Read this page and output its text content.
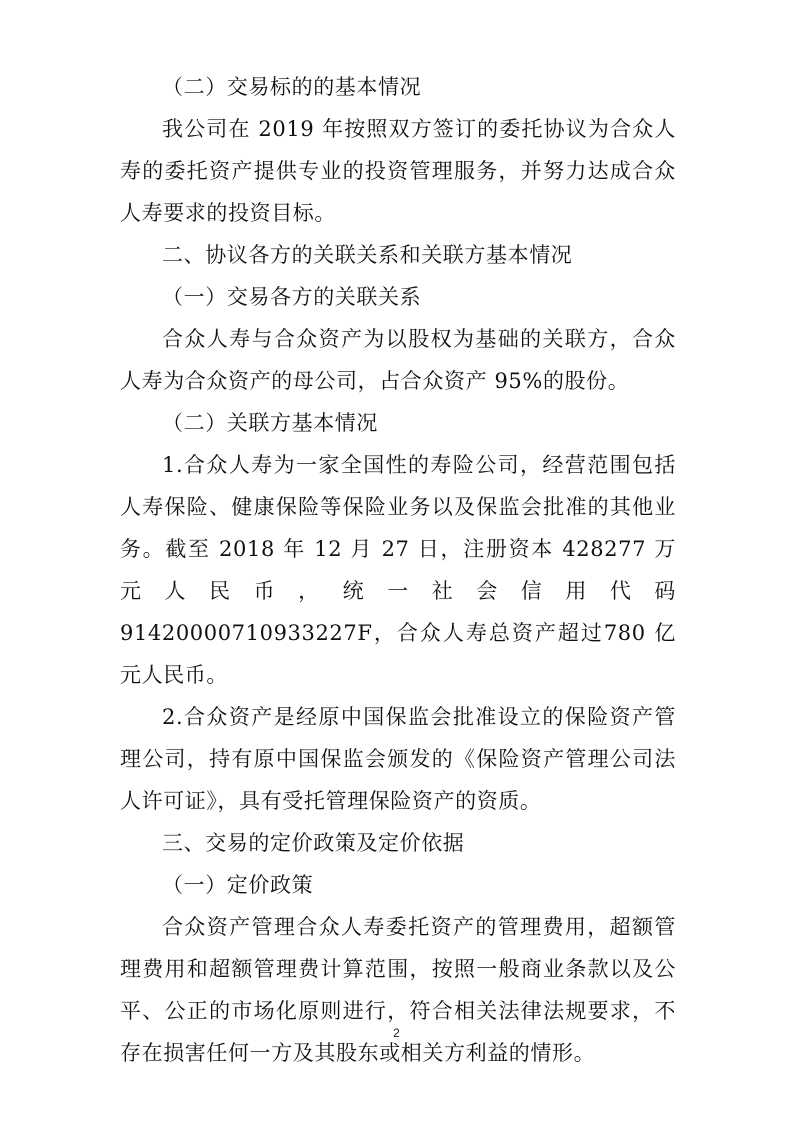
（二）交易标的的基本情况

我公司在 2019 年按照双方签订的委托协议为合众人寿的委托资产提供专业的投资管理服务，并努力达成合众人寿要求的投资目标。

二、协议各方的关联关系和关联方基本情况

（一）交易各方的关联关系

合众人寿与合众资产为以股权为基础的关联方，合众人寿为合众资产的母公司，占合众资产 95%的股份。

（二）关联方基本情况

1.合众人寿为一家全国性的寿险公司，经营范围包括人寿保险、健康保险等保险业务以及保监会批准的其他业务。截至 2018 年 12 月 27 日，注册资本 428277 万元人民币，统一社会信用代码 91420000710933227F，合众人寿总资产超过780 亿元人民币。

2.合众资产是经原中国保监会批准设立的保险资产管理公司，持有原中国保监会颁发的《保险资产管理公司法人许可证》，具有受托管理保险资产的资质。

三、交易的定价政策及定价依据

（一）定价政策

合众资产管理合众人寿委托资产的管理费用，超额管理费用和超额管理费计算范围，按照一般商业条款以及公平、公正的市场化原则进行，符合相关法律法规要求，不存在损害任何一方及其股东或相关方利益的情形。

2
